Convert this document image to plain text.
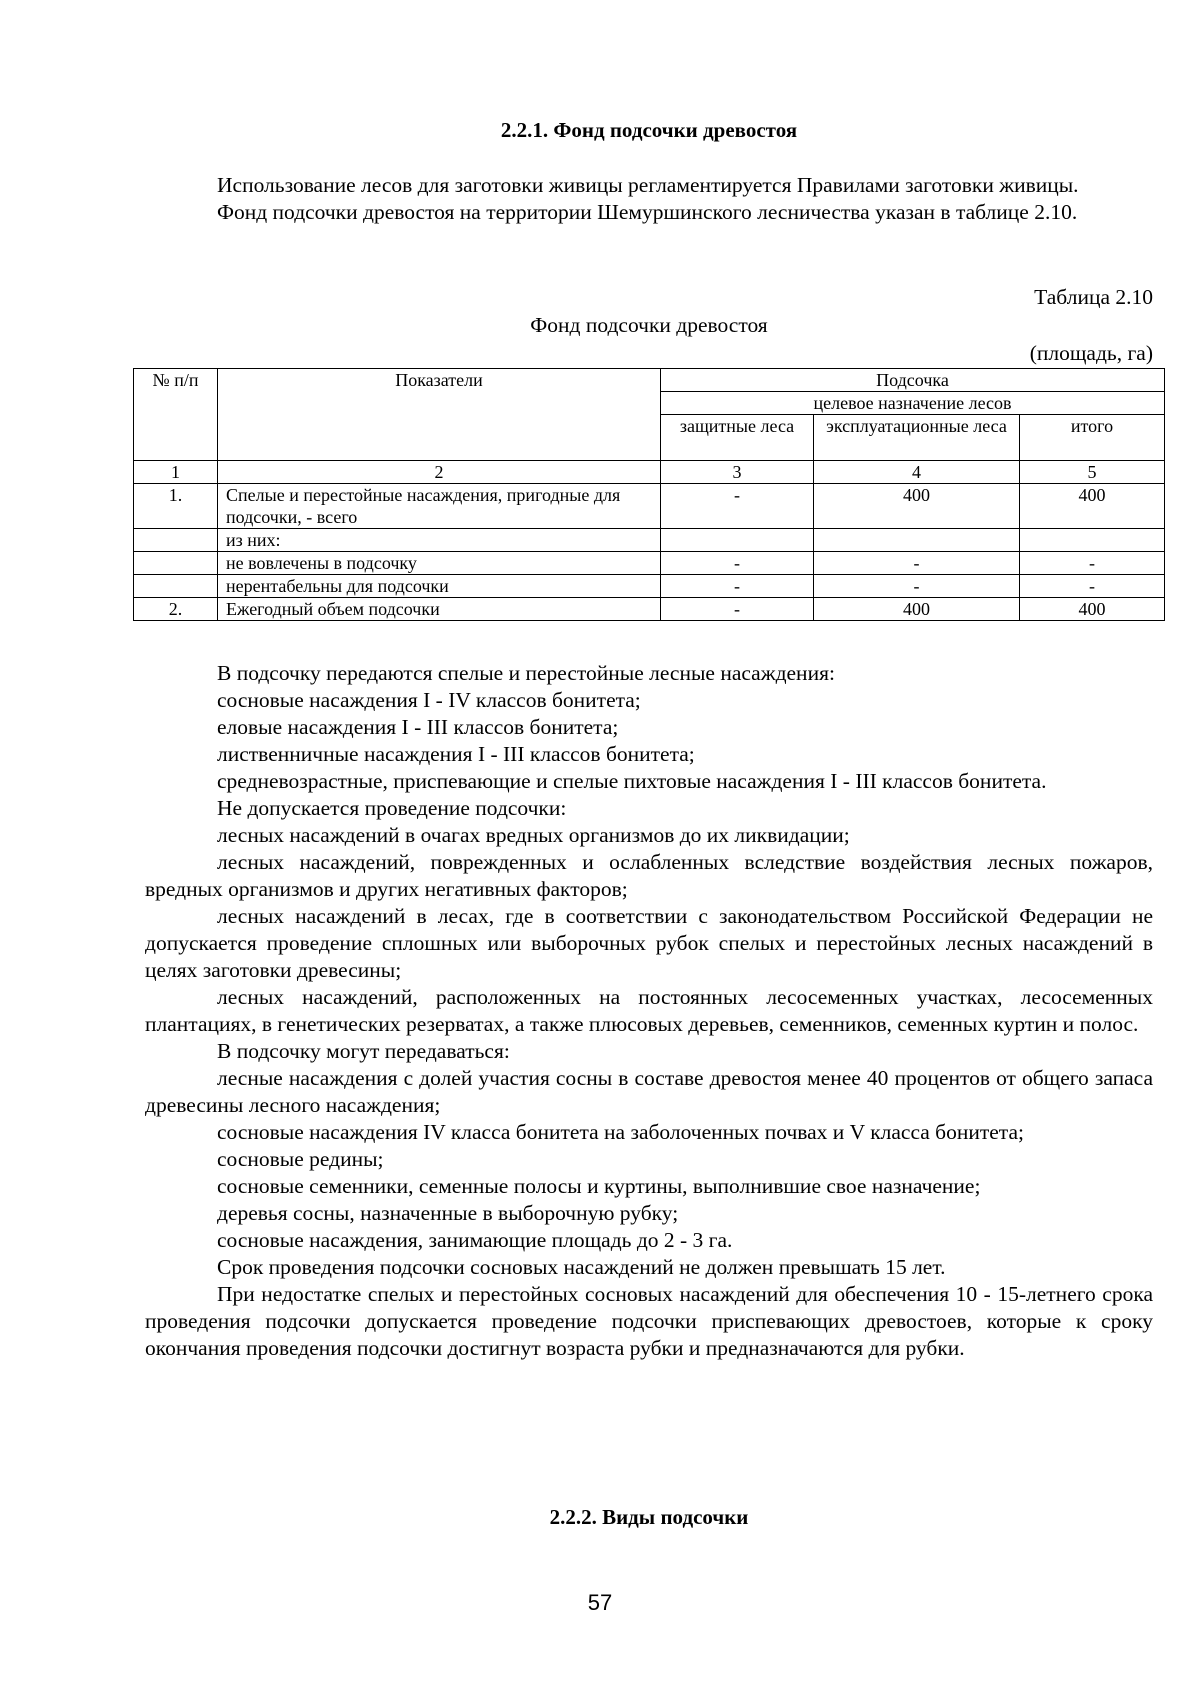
2.2.1. Фонд подсочки древостоя

Использование лесов для заготовки живицы регламентируется Правилами заготовки живицы.

Фонд подсочки древостоя на территории Шемуршинского лесничества указан в таблице 2.10.

Таблица 2.10
Фонд подсочки древостоя
(площадь, га)
№ п/п	Показатели	Подсочка		
		целевое назначение лесов		
		защитные леса	эксплуатационные леса	итого
1	2	3	4	5
1.	Спелые и перестойные насаждения, пригодные для подсочки, - всего	-	400	400
	из них:			
	не вовлечены в подсочку	-	-	-
	нерентабельны для подсочки	-	-	-
2.	Ежегодный объем подсочки	-	400	400

В подсочку передаются спелые и перестойные лесные насаждения:

сосновые насаждения I - IV классов бонитета;

еловые насаждения I - III классов бонитета;

лиственничные насаждения I - III классов бонитета;

средневозрастные, приспевающие и спелые пихтовые насаждения I - III классов бонитета.

Не допускается проведение подсочки:

лесных насаждений в очагах вредных организмов до их ликвидации;

лесных насаждений, поврежденных и ослабленных вследствие воздействия лесных пожаров, вредных организмов и других негативных факторов;

лесных насаждений в лесах, где в соответствии с законодательством Российской Федерации не допускается проведение сплошных или выборочных рубок спелых и перестойных лесных насаждений в целях заготовки древесины;

лесных насаждений, расположенных на постоянных лесосеменных участках, лесосеменных плантациях, в генетических резерватах, а также плюсовых деревьев, семенников, семенных куртин и полос.

В подсочку могут передаваться:

лесные насаждения с долей участия сосны в составе древостоя менее 40 процентов от общего запаса древесины лесного насаждения;

сосновые насаждения IV класса бонитета на заболоченных почвах и V класса бонитета;

сосновые редины;

сосновые семенники, семенные полосы и куртины, выполнившие свое назначение;

деревья сосны, назначенные в выборочную рубку;

сосновые насаждения, занимающие площадь до 2 - 3 га.

Срок проведения подсочки сосновых насаждений не должен превышать 15 лет.

При недостатке спелых и перестойных сосновых насаждений для обеспечения 10 - 15-летнего срока проведения подсочки допускается проведение подсочки приспевающих древостоев, которые к сроку окончания проведения подсочки достигнут возраста рубки и предназначаются для рубки.

2.2.2. Виды подсочки
57
